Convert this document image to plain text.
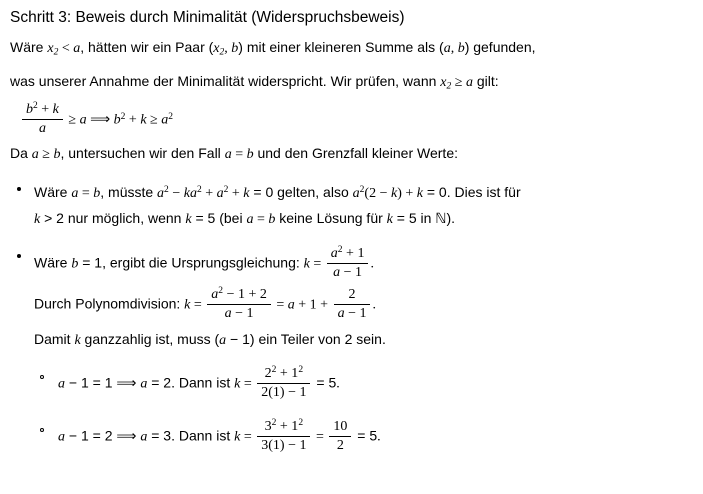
Schritt 3: Beweis durch Minimalität (Widerspruchsbeweis)
Wäre $x_2 < a$, hätten wir ein Paar ($x_2$, b) mit einer kleineren Summe als (a, b) gefunden,
was unserer Annahme der Minimalität widerspricht. Wir prüfen, wann $x_2 \ge a$ gilt:
$\frac{b^2 + k}{a} \ge a$ ⟹ $b^2 + k \ge a^2$
Da a ≥ b, untersuchen wir den Fall a = b und den Grenzfall kleiner Werte:
Wäre a = b, müsste $a^2 - ka^2 + a^2 + k = 0$ gelten, also $a^2(2 - k) + k = 0$. Dies ist für
k > 2 nur möglich, wenn k = 5 (bei a = b keine Lösung für k = 5 in ℕ).
Wäre b = 1, ergibt die Ursprungsgleichung: $k = \frac{a^2 + 1}{a - 1}$ .
Durch Polynomdivision: $k = \frac{a^2 - 1 + 2}{a - 1} = a + 1 + \frac{2}{a - 1}$ .
Damit k ganzzahlig ist, muss (a − 1) ein Teiler von 2 sein.
a − 1 = 1 ⟹ a = 2. Dann ist $k = \frac{2^2 + 1^2}{2(1) - 1} = 5$.
a − 1 = 2 ⟹ a = 3. Dann ist $k = \frac{3^2 + 1^2}{3(1) - 1} = \frac{10}{2} = 5$.
